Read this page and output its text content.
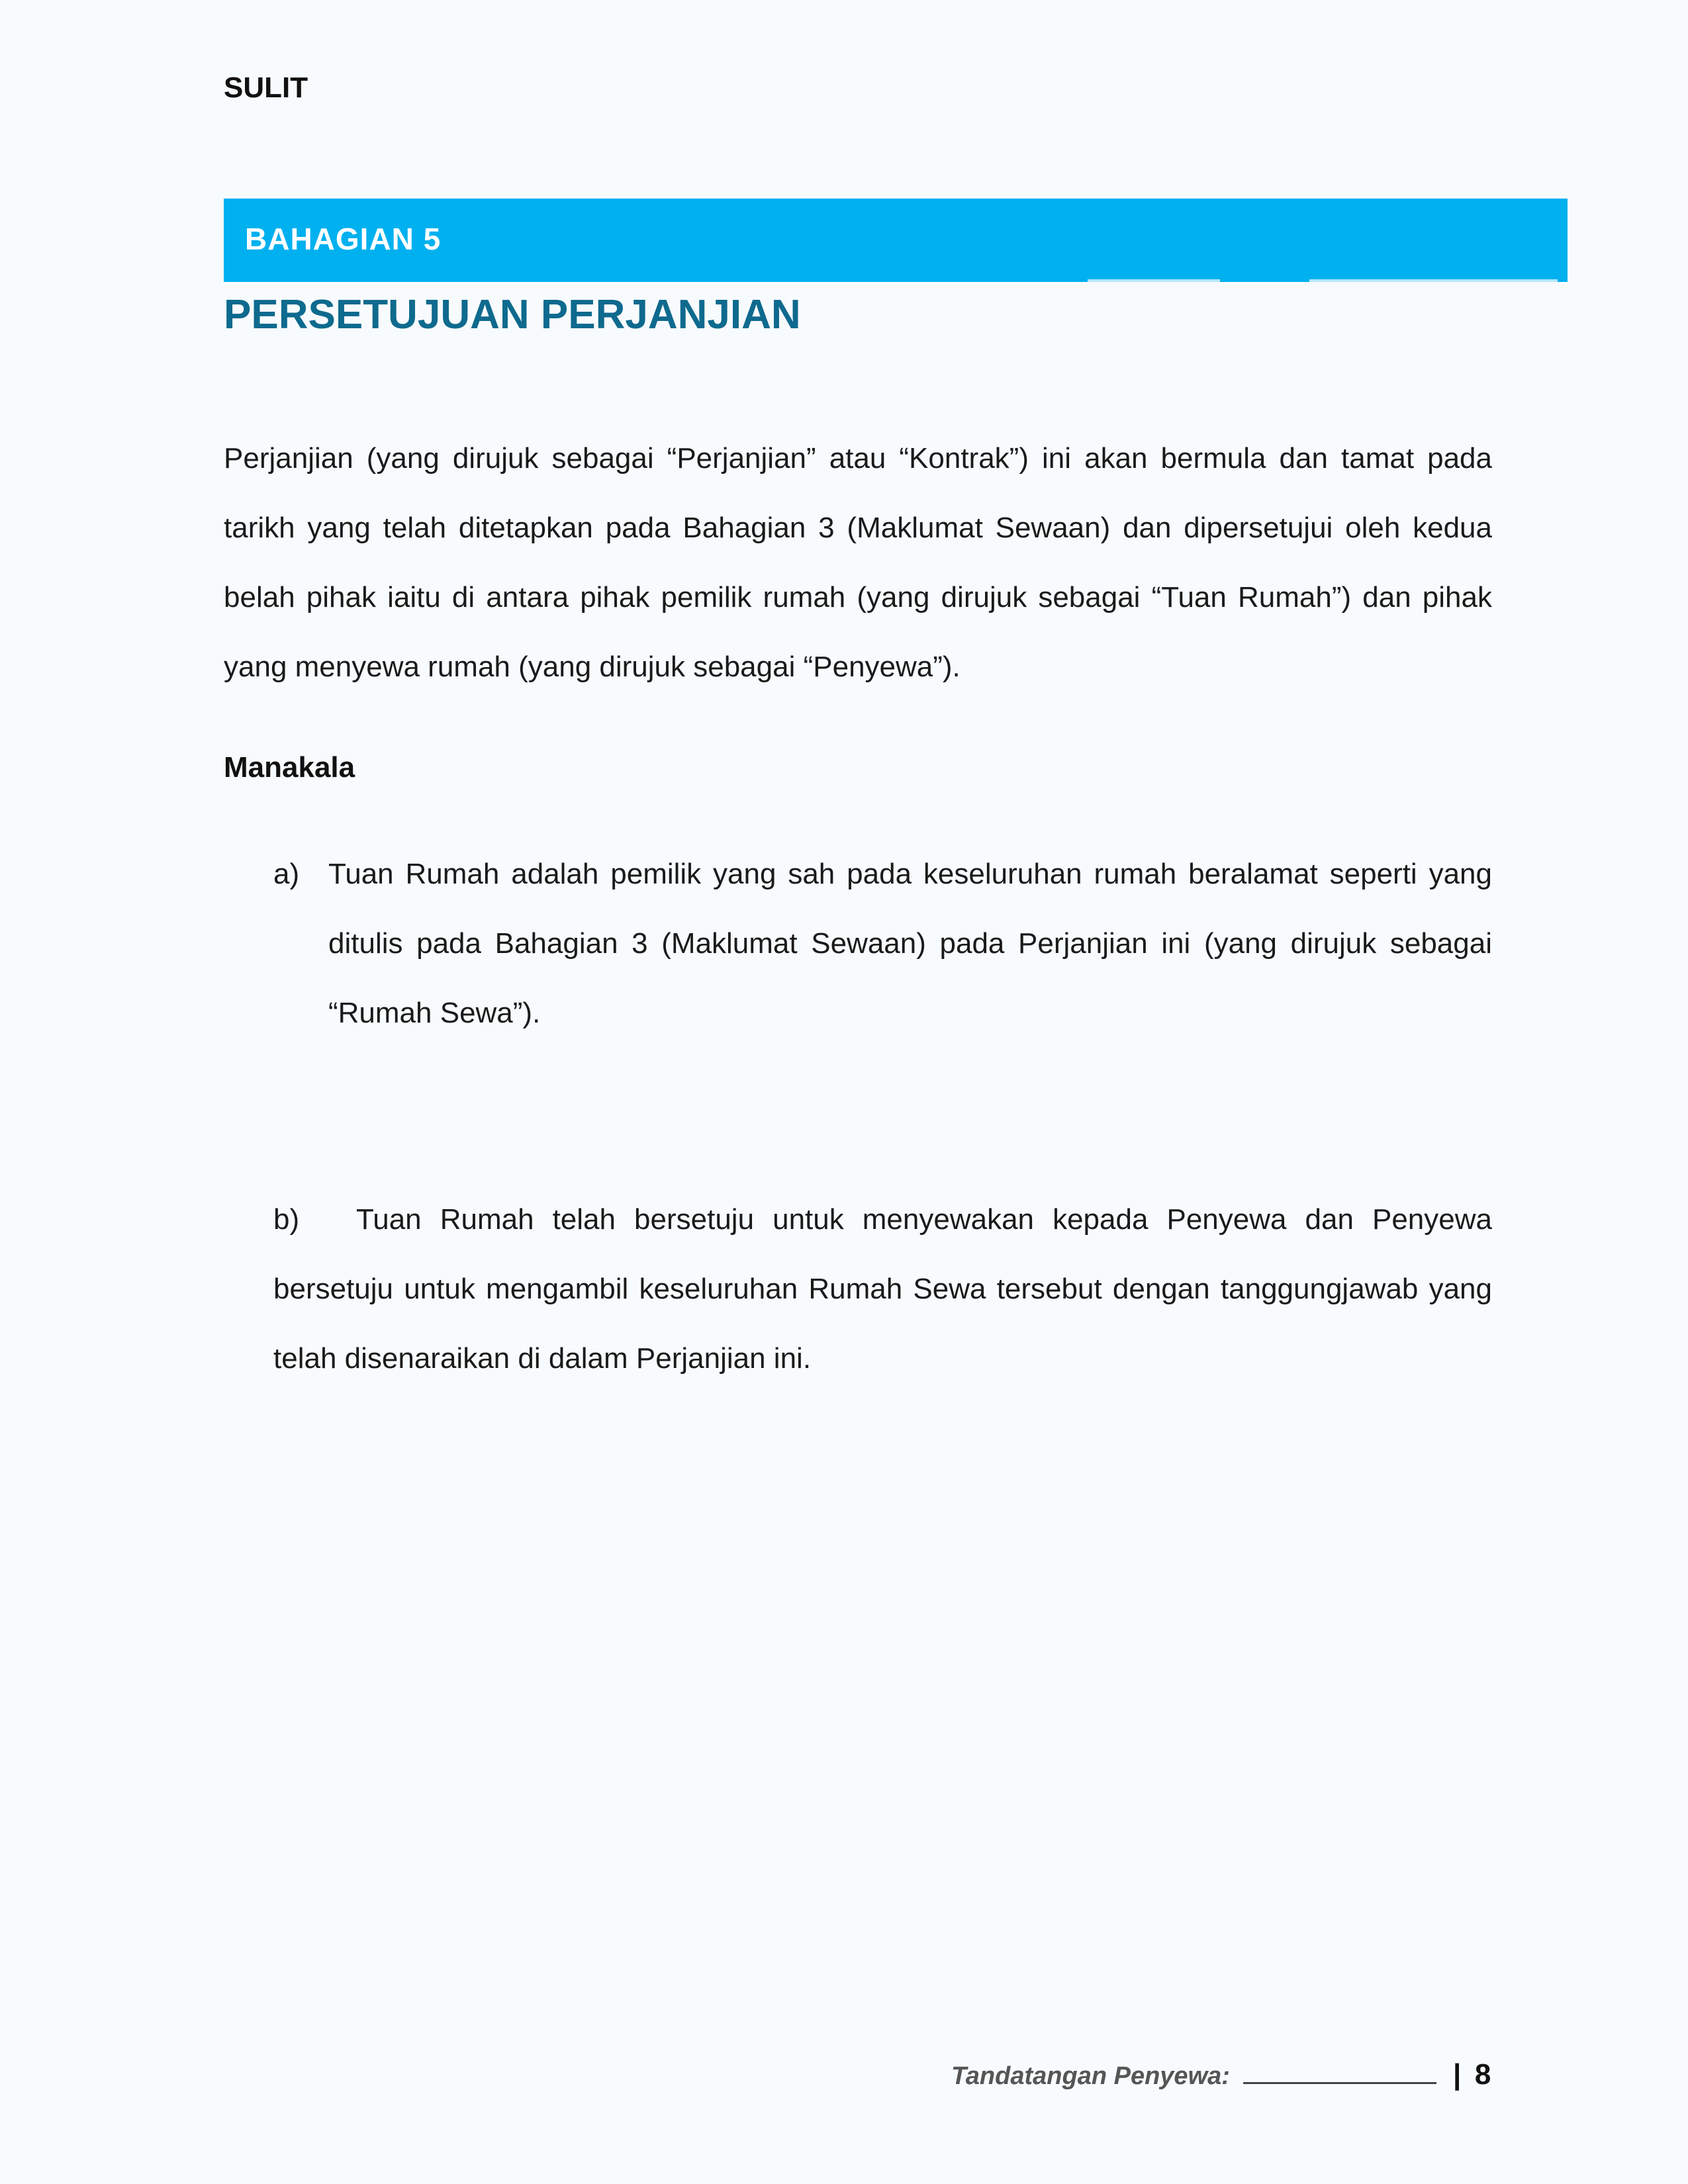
SULIT
BAHAGIAN 5
PERSETUJUAN PERJANJIAN
Perjanjian (yang dirujuk sebagai “Perjanjian” atau “Kontrak”) ini akan bermula dan tamat pada tarikh yang telah ditetapkan pada Bahagian 3 (Maklumat Sewaan) dan dipersetujui oleh kedua belah pihak iaitu di antara pihak pemilik rumah (yang dirujuk sebagai “Tuan Rumah”) dan pihak yang menyewa rumah (yang dirujuk sebagai “Penyewa”).
Manakala
a) Tuan Rumah adalah pemilik yang sah pada keseluruhan rumah beralamat seperti yang ditulis pada Bahagian 3 (Maklumat Sewaan) pada Perjanjian ini (yang dirujuk sebagai “Rumah Sewa”).
b) Tuan Rumah telah bersetuju untuk menyewakan kepada Penyewa dan Penyewa bersetuju untuk mengambil keseluruhan Rumah Sewa tersebut dengan tanggungjawab yang telah disenaraikan di dalam Perjanjian ini.
Tandatangan Penyewa:	| 8
